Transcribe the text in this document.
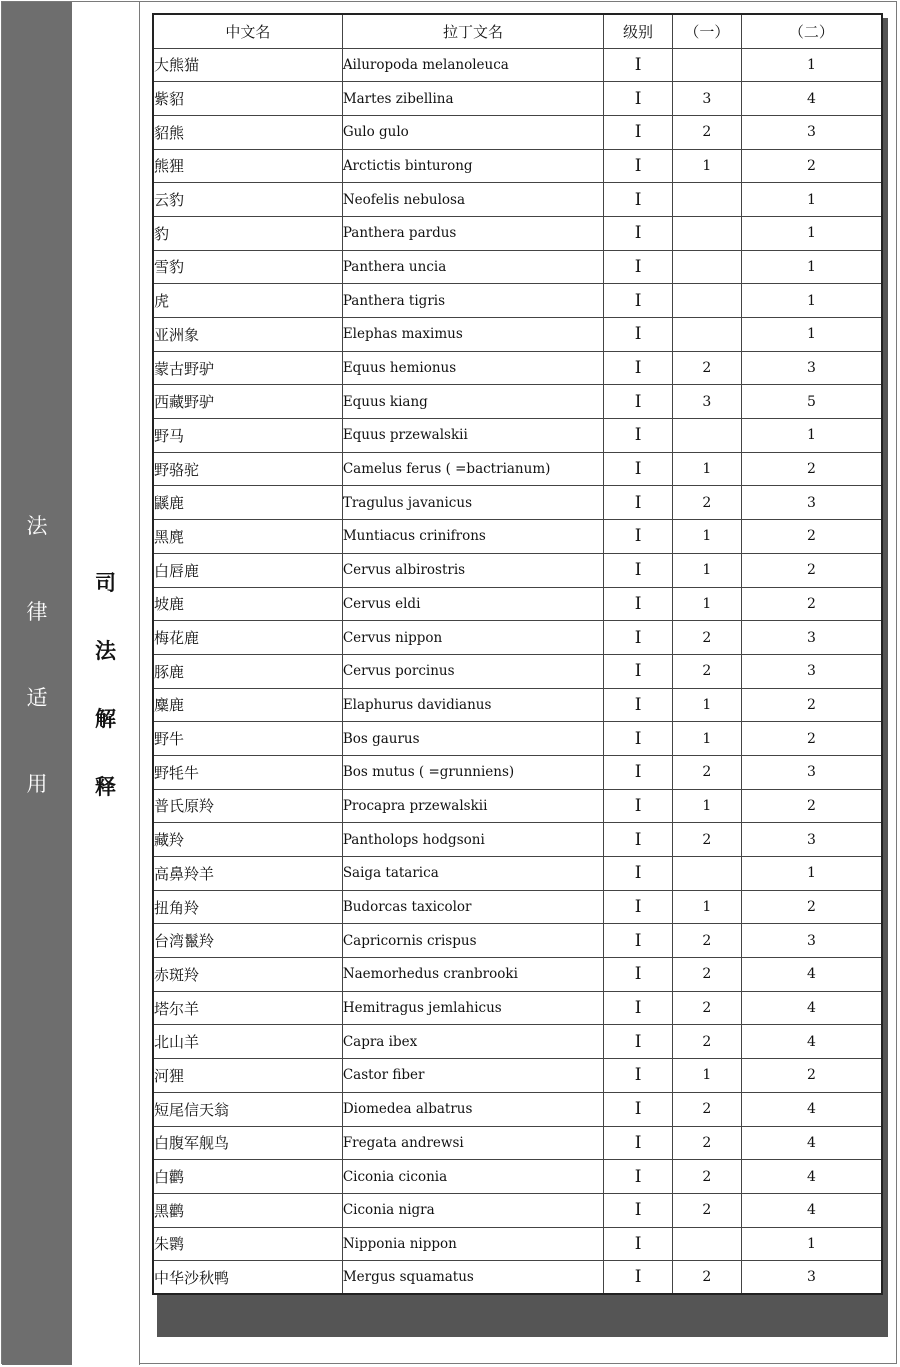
法
律
适
用
司
法
解
释
中文名	拉丁文名	级别	（一）	（二）
大熊猫	Ailuropoda melanoleuca	I		1
紫貂	Martes zibellina	I	3	4
貂熊	Gulo gulo	I	2	3
熊狸	Arctictis binturong	I	1	2
云豹	Neofelis nebulosa	I		1
豹	Panthera pardus	I		1
雪豹	Panthera uncia	I		1
虎	Panthera tigris	I		1
亚洲象	Elephas maximus	I		1
蒙古野驴	Equus hemionus	I	2	3
西藏野驴	Equus kiang	I	3	5
野马	Equus przewalskii	I		1
野骆驼	Camelus ferus ( =bactrianum)	I	1	2
鼷鹿	Tragulus javanicus	I	2	3
黑麂	Muntiacus crinifrons	I	1	2
白唇鹿	Cervus albirostris	I	1	2
坡鹿	Cervus eldi	I	1	2
梅花鹿	Cervus nippon	I	2	3
豚鹿	Cervus porcinus	I	2	3
麋鹿	Elaphurus davidianus	I	1	2
野牛	Bos gaurus	I	1	2
野牦牛	Bos mutus ( =grunniens)	I	2	3
普氏原羚	Procapra przewalskii	I	1	2
藏羚	Pantholops hodgsoni	I	2	3
高鼻羚羊	Saiga tatarica	I		1
扭角羚	Budorcas taxicolor	I	1	2
台湾鬣羚	Capricornis crispus	I	2	3
赤斑羚	Naemorhedus cranbrooki	I	2	4
塔尔羊	Hemitragus jemlahicus	I	2	4
北山羊	Capra ibex	I	2	4
河狸	Castor fiber	I	1	2
短尾信天翁	Diomedea albatrus	I	2	4
白腹军舰鸟	Fregata andrewsi	I	2	4
白鹳	Ciconia ciconia	I	2	4
黑鹳	Ciconia nigra	I	2	4
朱鹮	Nipponia nippon	I		1
中华沙秋鸭	Mergus squamatus	I	2	3
